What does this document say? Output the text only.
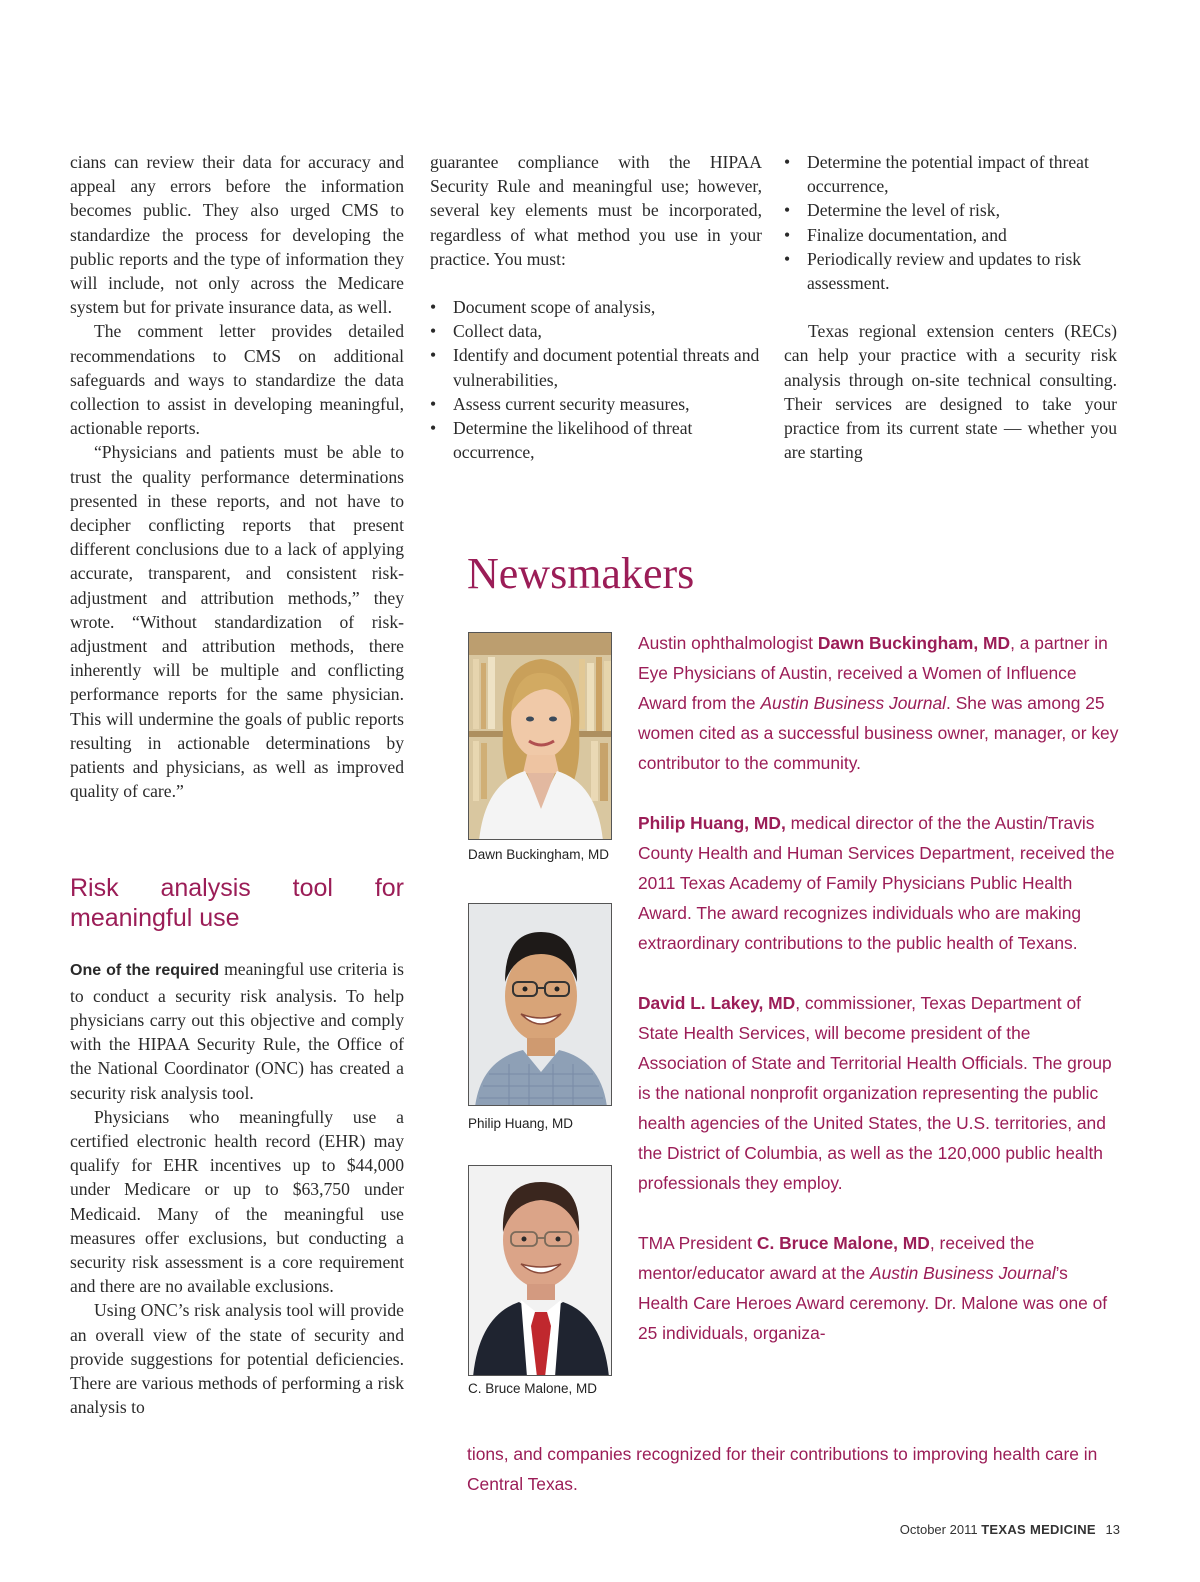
cians can review their data for accuracy and appeal any errors before the information becomes public. They also urged CMS to standardize the process for developing the public reports and the type of information they will include, not only across the Medicare system but for private insurance data, as well.

The comment letter provides detailed recommendations to CMS on additional safeguards and ways to standardize the data collection to assist in developing meaningful, actionable reports.

“Physicians and patients must be able to trust the quality performance determinations presented in these reports, and not have to decipher conflicting reports that present different conclusions due to a lack of applying accurate, transparent, and consistent risk-adjustment and attribution methods,” they wrote. “Without standardization of risk-adjustment and attribution methods, there inherently will be multiple and conflicting performance reports for the same physician. This will undermine the goals of public reports resulting in actionable determinations by patients and physicians, as well as improved quality of care.”

Risk analysis tool for meaningful use

One of the required meaningful use criteria is to conduct a security risk analysis. To help physicians carry out this objective and comply with the HIPAA Security Rule, the Office of the National Coordinator (ONC) has created a security risk analysis tool.

Physicians who meaningfully use a certified electronic health record (EHR) may qualify for EHR incentives up to $44,000 under Medicare or up to $63,750 under Medicaid. Many of the meaningful use measures offer exclusions, but conducting a security risk assessment is a core requirement and there are no available exclusions.

Using ONC’s risk analysis tool will provide an overall view of the state of security and provide suggestions for potential deficiencies. There are various methods of performing a risk analysis to

guarantee compliance with the HIPAA Security Rule and meaningful use; however, several key elements must be incorporated, regardless of what method you use in your practice. You must:

• Document scope of analysis,
• Collect data,
• Identify and document potential threats and vulnerabilities,
• Assess current security measures,
• Determine the likelihood of threat occurrence,
• Determine the potential impact of threat occurrence,
• Determine the level of risk,
• Finalize documentation, and
• Periodically review and updates to risk assessment.

Texas regional extension centers (RECs) can help your practice with a security risk analysis through on-site technical consulting. Their services are designed to take your practice from its current state — whether you are starting

Newsmakers
Dawn Buckingham, MD
Philip Huang, MD
C. Bruce Malone, MD

Austin ophthalmologist Dawn Buckingham, MD, a partner in Eye Physicians of Austin, received a Women of Influence Award from the Austin Business Journal. She was among 25 women cited as a successful business owner, manager, or key contributor to the community.

Philip Huang, MD, medical director of the the Austin/Travis County Health and Human Services Department, received the 2011 Texas Academy of Family Physicians Public Health Award. The award recognizes individuals who are making extraordinary contributions to the public health of Texans.

David L. Lakey, MD, commissioner, Texas Department of State Health Services, will become president of the Association of State and Territorial Health Officials. The group is the national nonprofit organization representing the public health agencies of the United States, the U.S. territories, and the District of Columbia, as well as the 120,000 public health professionals they employ.

TMA President C. Bruce Malone, MD, received the mentor/educator award at the Austin Business Journal’s Health Care Heroes Award ceremony. Dr. Malone was one of 25 individuals, organiza-

tions, and companies recognized for their contributions to improving health care in Central Texas.
October 2011 TEXAS MEDICINE 13
